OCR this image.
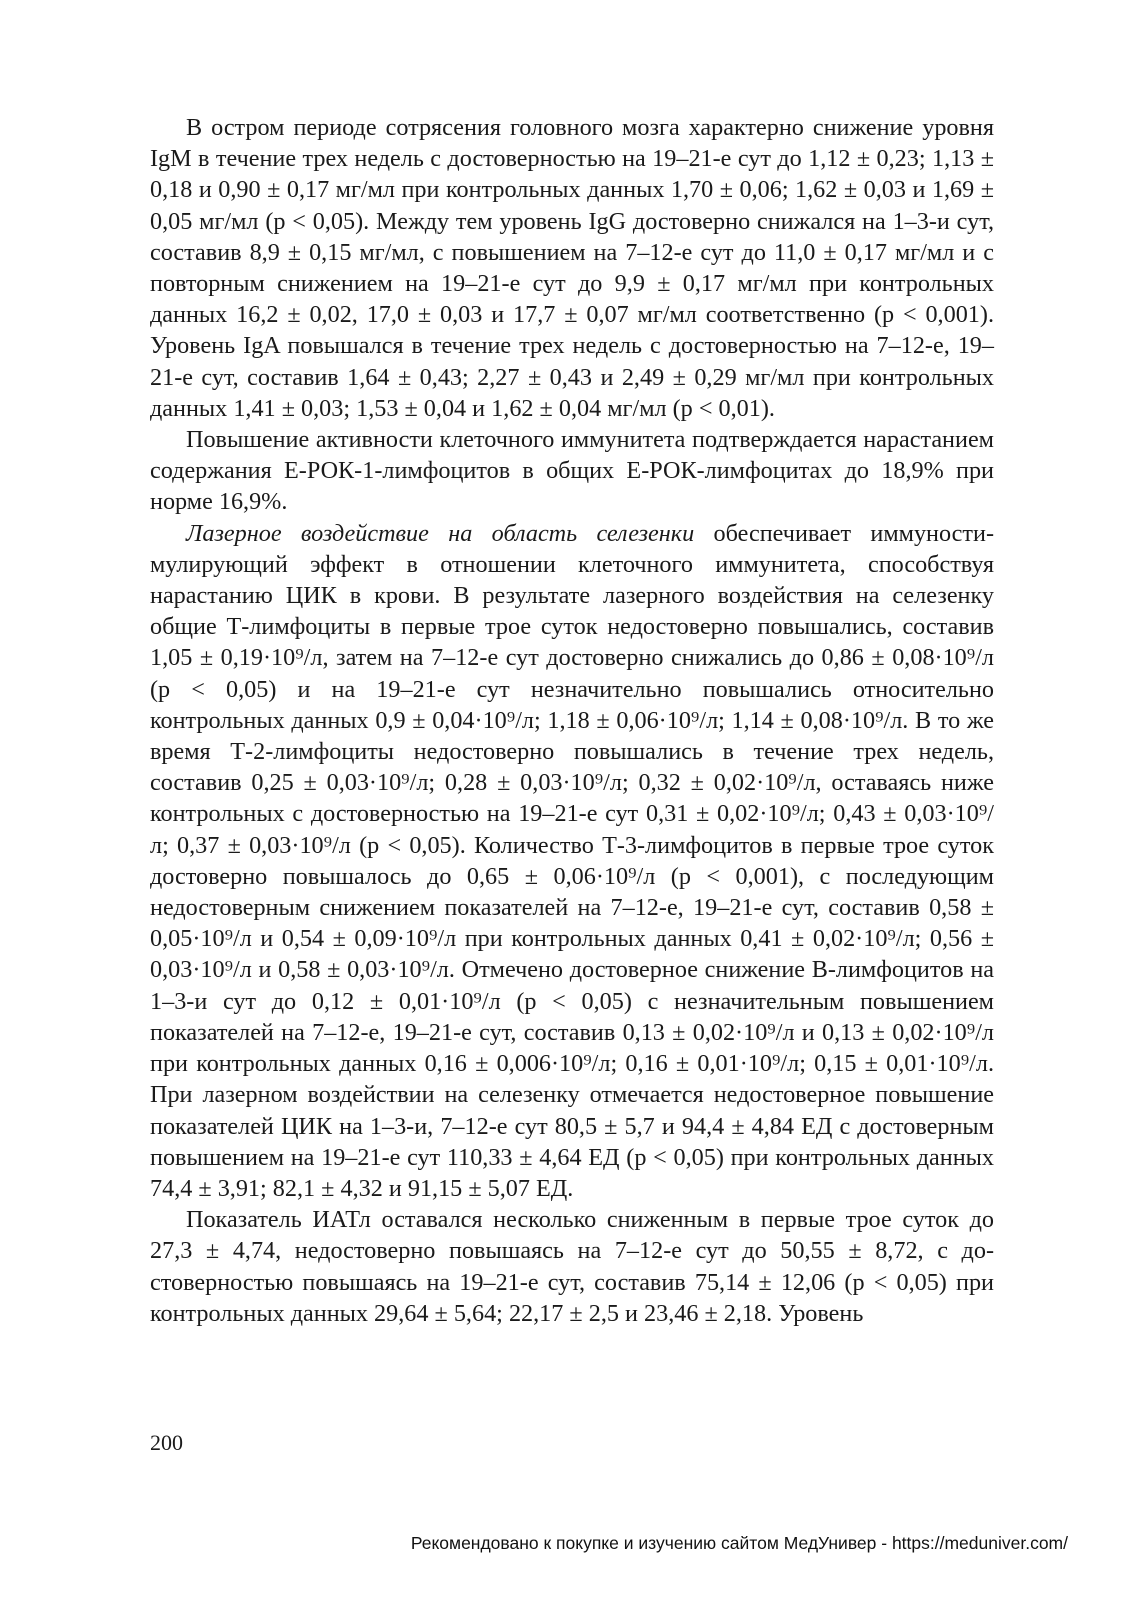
В остром периоде сотрясения головного мозга характерно снижение уровня IgM в течение трех недель с достоверностью на 19–21-е сут до 1,12 ± 0,23; 1,13 ± 0,18 и 0,90 ± 0,17 мг/мл при контрольных данных 1,70 ± 0,06; 1,62 ± 0,03 и 1,69 ± 0,05 мг/мл (p < 0,05). Между тем уровень IgG достоверно снижался на 1–3-и сут, составив 8,9 ± 0,15 мг/мл, с повышением на 7–12-е сут до 11,0 ± 0,17 мг/мл и с повторным снижением на 19–21-е сут до 9,9 ± 0,17 мг/мл при контрольных данных 16,2 ± 0,02, 17,0 ± 0,03 и 17,7 ± 0,07 мг/мл соответственно (p < 0,001). Уровень IgA повышался в течение трех недель с достоверностью на 7–12-е, 19–21-е сут, составив 1,64 ± 0,43; 2,27 ± 0,43 и 2,49 ± 0,29 мг/мл при контрольных данных 1,41 ± 0,03; 1,53 ± 0,04 и 1,62 ± 0,04 мг/мл (p < 0,01).

Повышение активности клеточного иммунитета подтверждается нарастанием содержания Е-РОК-1-лимфоцитов в общих Е-РОК-лимфоцитах до 18,9% при норме 16,9%.

Лазерное воздействие на область селезенки обеспечивает иммуностимулирующий эффект в отношении клеточного иммунитета, способствуя нарастанию ЦИК в крови. В результате лазерного воздействия на селезенку общие Т-лимфоциты в первые трое суток недостоверно повышались, составив 1,05 ± 0,19·10⁹/л, затем на 7–12-е сут достоверно снижались до 0,86 ± 0,08·10⁹/л (p < 0,05) и на 19–21-е сут незначительно повышались относительно контрольных данных 0,9 ± 0,04·10⁹/л; 1,18 ± 0,06·10⁹/л; 1,14 ± 0,08·10⁹/л. В то же время Т-2-лимфоциты недостоверно повышались в течение трех недель, составив 0,25 ± 0,03·10⁹/л; 0,28 ± 0,03·10⁹/л; 0,32 ± 0,02·10⁹/л, оставаясь ниже контрольных с достоверностью на 19–21-е сут 0,31 ± 0,02·10⁹/л; 0,43 ± 0,03·10⁹/л; 0,37 ± 0,03·10⁹/л (p < 0,05). Количество Т-3-лимфоцитов в первые трое суток достоверно повышалось до 0,65 ± 0,06·10⁹/л (p < 0,001), с последующим недостоверным снижением показателей на 7–12-е, 19–21-е сут, составив 0,58 ± 0,05·10⁹/л и 0,54 ± 0,09·10⁹/л при контрольных данных 0,41 ± 0,02·10⁹/л; 0,56 ± 0,03·10⁹/л и 0,58 ± 0,03·10⁹/л. Отмечено достоверное снижение В-лимфоцитов на 1–3-и сут до 0,12 ± 0,01·10⁹/л (p < 0,05) с незначительным повышением показателей на 7–12-е, 19–21-е сут, составив 0,13 ± 0,02·10⁹/л и 0,13 ± 0,02·10⁹/л при контрольных данных 0,16 ± 0,006·10⁹/л; 0,16 ± 0,01·10⁹/л; 0,15 ± 0,01·10⁹/л. При лазерном воздействии на селезенку отмечается недостоверное повышение показателей ЦИК на 1–3-и, 7–12-е сут 80,5 ± 5,7 и 94,4 ± 4,84 ЕД с достоверным повышением на 19–21-е сут 110,33 ± 4,64 ЕД (p < 0,05) при контрольных данных 74,4 ± 3,91; 82,1 ± 4,32 и 91,15 ± 5,07 ЕД.

Показатель ИАТл оставался несколько сниженным в первые трое суток до 27,3 ± 4,74, недостоверно повышаясь на 7–12-е сут до 50,55 ± 8,72, с достоверностью повышаясь на 19–21-е сут, составив 75,14 ± 12,06 (p < 0,05) при контрольных данных 29,64 ± 5,64; 22,17 ± 2,5 и 23,46 ± 2,18. Уровень

200
Рекомендовано к покупке и изучению сайтом МедУнивер - https://meduniver.com/
